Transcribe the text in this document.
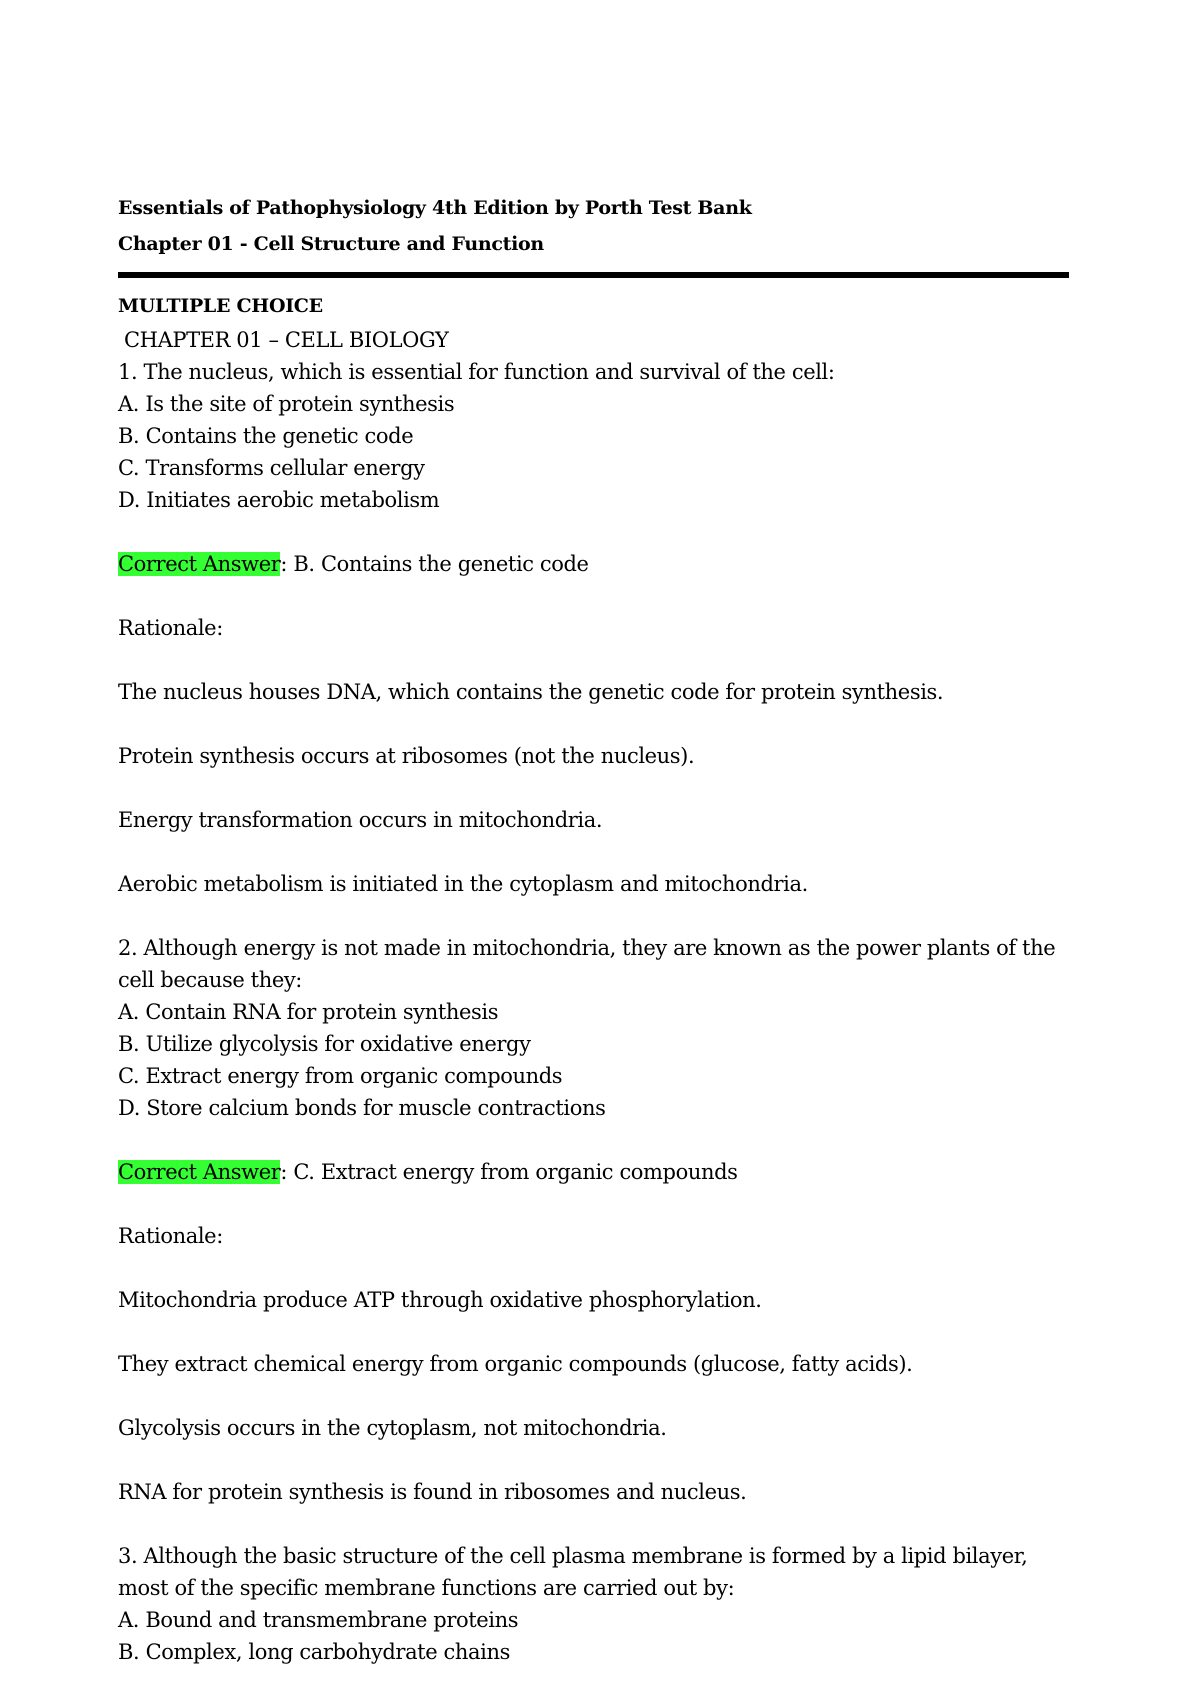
Essentials of Pathophysiology 4th Edition by Porth Test Bank
Chapter 01 - Cell Structure and Function
MULTIPLE CHOICE
CHAPTER 01 – CELL BIOLOGY
1. The nucleus, which is essential for function and survival of the cell:
A. Is the site of protein synthesis
B. Contains the genetic code
C. Transforms cellular energy
D. Initiates aerobic metabolism
Correct Answer: B. Contains the genetic code
Rationale:
The nucleus houses DNA, which contains the genetic code for protein synthesis.
Protein synthesis occurs at ribosomes (not the nucleus).
Energy transformation occurs in mitochondria.
Aerobic metabolism is initiated in the cytoplasm and mitochondria.
2. Although energy is not made in mitochondria, they are known as the power plants of the
cell because they:
A. Contain RNA for protein synthesis
B. Utilize glycolysis for oxidative energy
C. Extract energy from organic compounds
D. Store calcium bonds for muscle contractions
Correct Answer: C. Extract energy from organic compounds
Rationale:
Mitochondria produce ATP through oxidative phosphorylation.
They extract chemical energy from organic compounds (glucose, fatty acids).
Glycolysis occurs in the cytoplasm, not mitochondria.
RNA for protein synthesis is found in ribosomes and nucleus.
3. Although the basic structure of the cell plasma membrane is formed by a lipid bilayer,
most of the specific membrane functions are carried out by:
A. Bound and transmembrane proteins
B. Complex, long carbohydrate chains
